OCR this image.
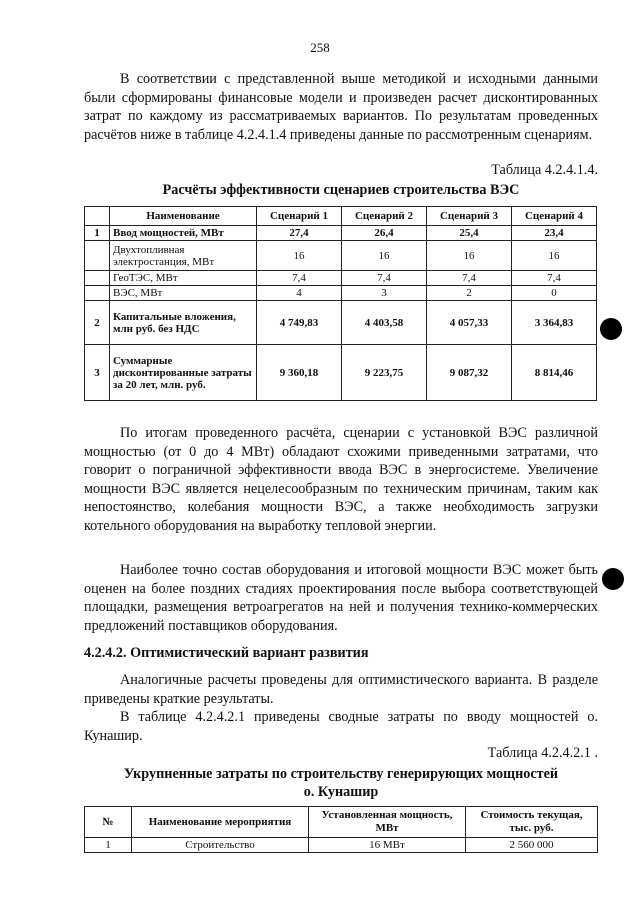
258

В соответствии с представленной выше методикой и исходными данными были сформированы финансовые модели и произведен расчет дисконтированных затрат по каждому из рассматриваемых вариантов. По результатам проведенных расчётов ниже в таблице 4.2.4.1.4 приведены данные по рассмотренным сценариям.

Таблица 4.2.4.1.4.
Расчёты эффективности сценариев строительства ВЭС
	Наименование	Сценарий 1	Сценарий 2	Сценарий 3	Сценарий 4
1	Ввод мощностей, МВт	27,4	26,4	25,4	23,4
	Двухтопливная электростанция, МВт	16	16	16	16
	ГеоТЭС, МВт	7,4	7,4	7,4	7,4
	ВЭС, МВт	4	3	2	0
2	Капитальные вложения, млн руб. без НДС	4 749,83	4 403,58	4 057,33	3 364,83
3	Суммарные дисконтированные затраты за 20 лет, млн. руб.	9 360,18	9 223,75	9 087,32	8 814,46

По итогам проведенного расчёта, сценарии с установкой ВЭС различной мощностью (от 0 до 4 МВт) обладают схожими приведенными затратами, что говорит о пограничной эффективности ввода ВЭС в энергосистеме. Увеличение мощности ВЭС является нецелесообразным по техническим причинам, таким как непостоянство, колебания мощности ВЭС, а также необходимость загрузки котельного оборудования на выработку тепловой энергии.

Наиболее точно состав оборудования и итоговой мощности ВЭС может быть оценен на более поздних стадиях проектирования после выбора соответствующей площадки, размещения ветроагрегатов на ней и получения технико-коммерческих предложений поставщиков оборудования.

4.2.4.2. Оптимистический вариант развития

Аналогичные расчеты проведены для оптимистического варианта. В разделе приведены краткие результаты.

В таблице 4.2.4.2.1 приведены сводные затраты по вводу мощностей о. Кунашир.

Таблица 4.2.4.2.1 .
Укрупненные затраты по строительству генерирующих мощностей
о. Кунашир
№	Наименование мероприятия	Установленная мощность, МВт	Стоимость текущая, тыс. руб.
1	Строительство	16 МВт	2 560 000
